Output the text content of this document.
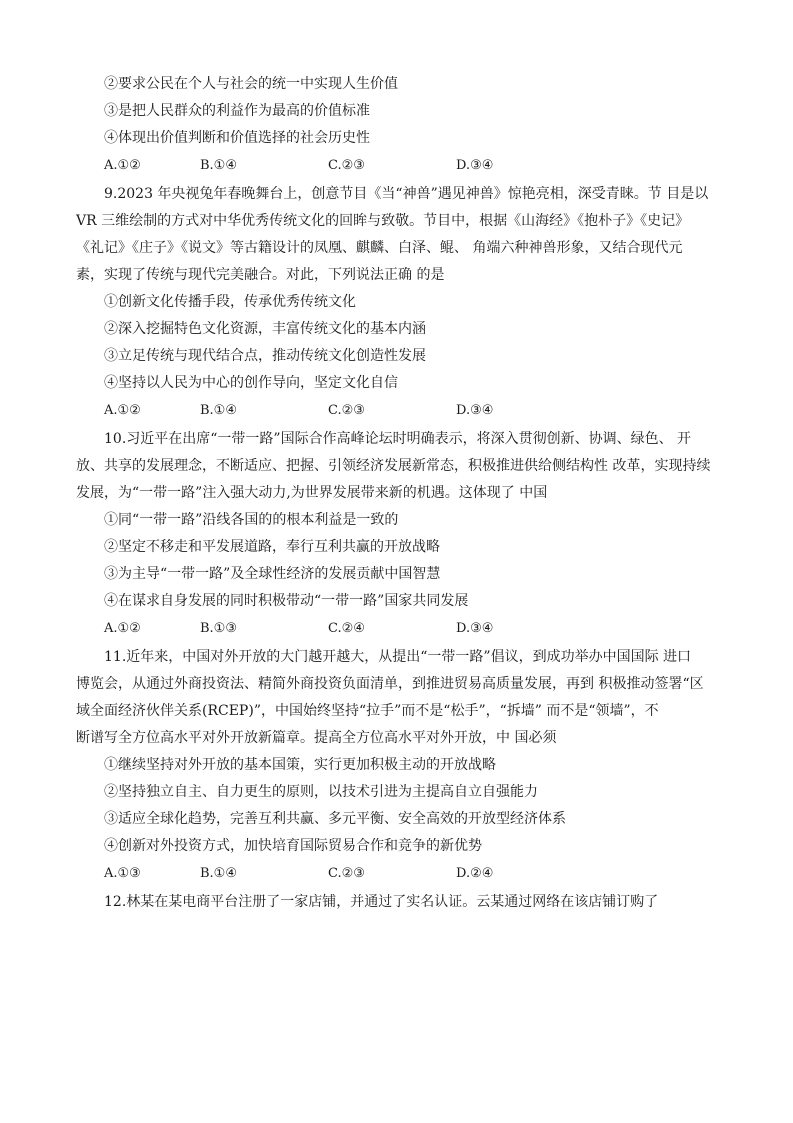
②要求公民在个人与社会的统一中实现人生价值
③是把人民群众的利益作为最高的价值标准
④体现出价值判断和价值选择的社会历史性
A.①②	B.①④	C.②③	D.③④
9.2023 年央视兔年春晚舞台上，创意节目《当“神兽”遇见神兽》惊艳亮相，深受青睐。节 目是以
VR 三维绘制的方式对中华优秀传统文化的回眸与致敬。节目中，根据《山海经》《抱朴子》《史记》
《礼记》《庄子》《说文》等古籍设计的凤凰、麒麟、白泽、鲲、 角端六种神兽形象，又结合现代元
素，实现了传统与现代完美融合。对此，下列说法正确 的是
①创新文化传播手段，传承优秀传统文化
②深入挖掘特色文化资源，丰富传统文化的基本内涵
③立足传统与现代结合点，推动传统文化创造性发展
④坚持以人民为中心的创作导向，坚定文化自信
A.①②	B.①④	C.②③	D.③④
10.习近平在出席“一带一路”国际合作高峰论坛时明确表示，将深入贯彻创新、协调、绿色、 开
放、共享的发展理念，不断适应、把握、引领经济发展新常态，积极推进供给侧结构性 改革，实现持续
发展，为“一带一路”注入强大动力,为世界发展带来新的机遇。这体现了 中国
①同“一带一路”沿线各国的的根本利益是一致的
②坚定不移走和平发展道路，奉行互利共赢的开放战略
③为主导“一带一路”及全球性经济的发展贡献中国智慧
④在谋求自身发展的同时积极带动“一带一路”国家共同发展
A.①②	B.①③	C.②④	D.③④
11.近年来，中国对外开放的大门越开越大，从提出“一带一路”倡议，到成功举办中国国际 进口
博览会，从通过外商投资法、精简外商投资负面清单，到推进贸易高质量发展，再到 积极推动签署“区
域全面经济伙伴关系(RCEP)”，中国始终坚持“拉手”而不是“松手”，“拆墙” 而不是“领墙”，不
断谱写全方位高水平对外开放新篇章。提高全方位高水平对外开放，中 国必须
①继续坚持对外开放的基本国策，实行更加积极主动的开放战略
②坚持独立自主、自力更生的原则，以技术引进为主提高自立自强能力
③适应全球化趋势，完善互利共赢、多元平衡、安全高效的开放型经济体系
④创新对外投资方式，加快培育国际贸易合作和竞争的新优势
A.①③	B.①④	C.②③	D.②④
12.林某在某电商平台注册了一家店铺，并通过了实名认证。云某通过网络在该店铺订购了
